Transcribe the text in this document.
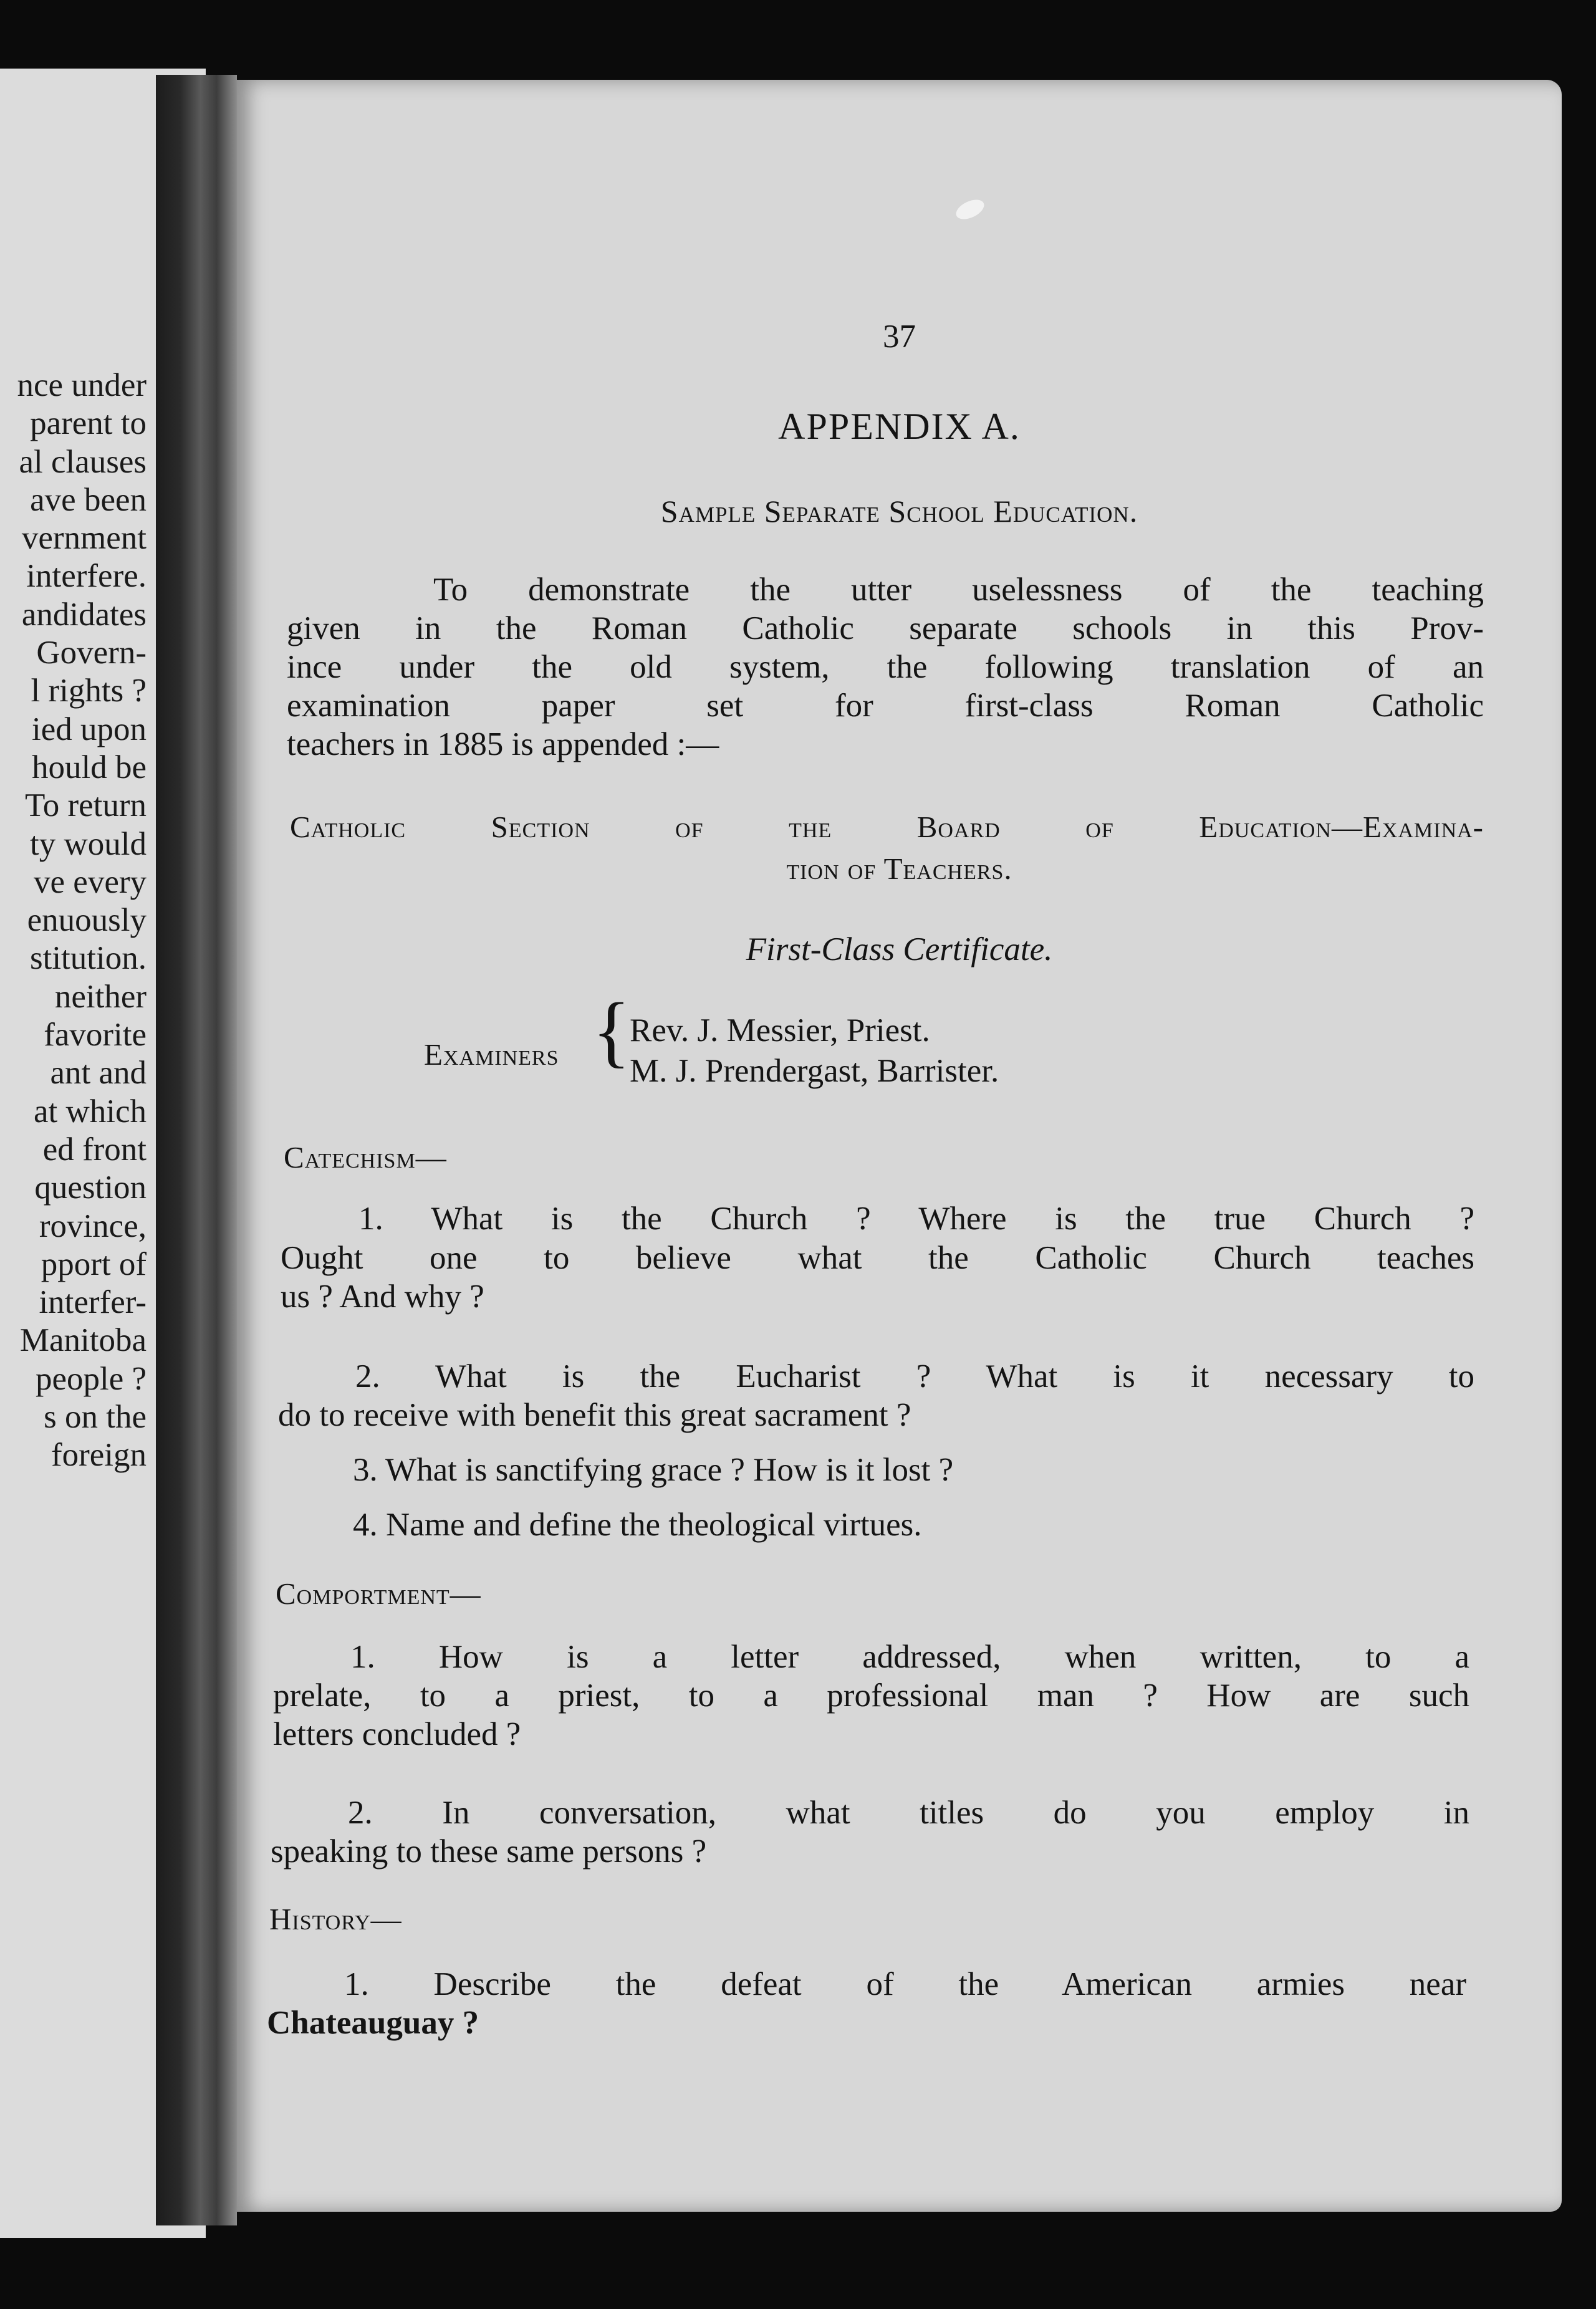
nce under
parent to
al clauses
ave been
vernment
interfere.
andidates
Govern-
l rights ?
ied upon
hould be
To return
ty would
ve every
enuously
stitution.
neither
favorite
ant and
at which
ed front
question
rovince,
pport of
interfer-
Manitoba
people ?
s on the
foreign
37
APPENDIX A.
Sample Separate School Education.
To demonstrate the utter uselessness of the teaching
given in the Roman Catholic separate schools in this Prov-
ince under the old system, the following translation of an
examination paper set for first-class Roman Catholic
teachers in 1885 is appended :—
Catholic Section of the Board of Education—Examina-
tion of Teachers.
First-Class Certificate.
Examiners {
Rev. J. Messier, Priest.
M. J. Prendergast, Barrister.
Catechism—
1. What is the Church ? Where is the true Church ?
Ought one to believe what the Catholic Church teaches
us ? And why ?
2. What is the Eucharist ? What is it necessary to
do to receive with benefit this great sacrament ?
3. What is sanctifying grace ? How is it lost ?
4. Name and define the theological virtues.
Comportment—
1. How is a letter addressed, when written, to a
prelate, to a priest, to a professional man ? How are such
letters concluded ?
2. In conversation, what titles do you employ in
speaking to these same persons ?
History—
1. Describe the defeat of the American armies near
Chateauguay ?
